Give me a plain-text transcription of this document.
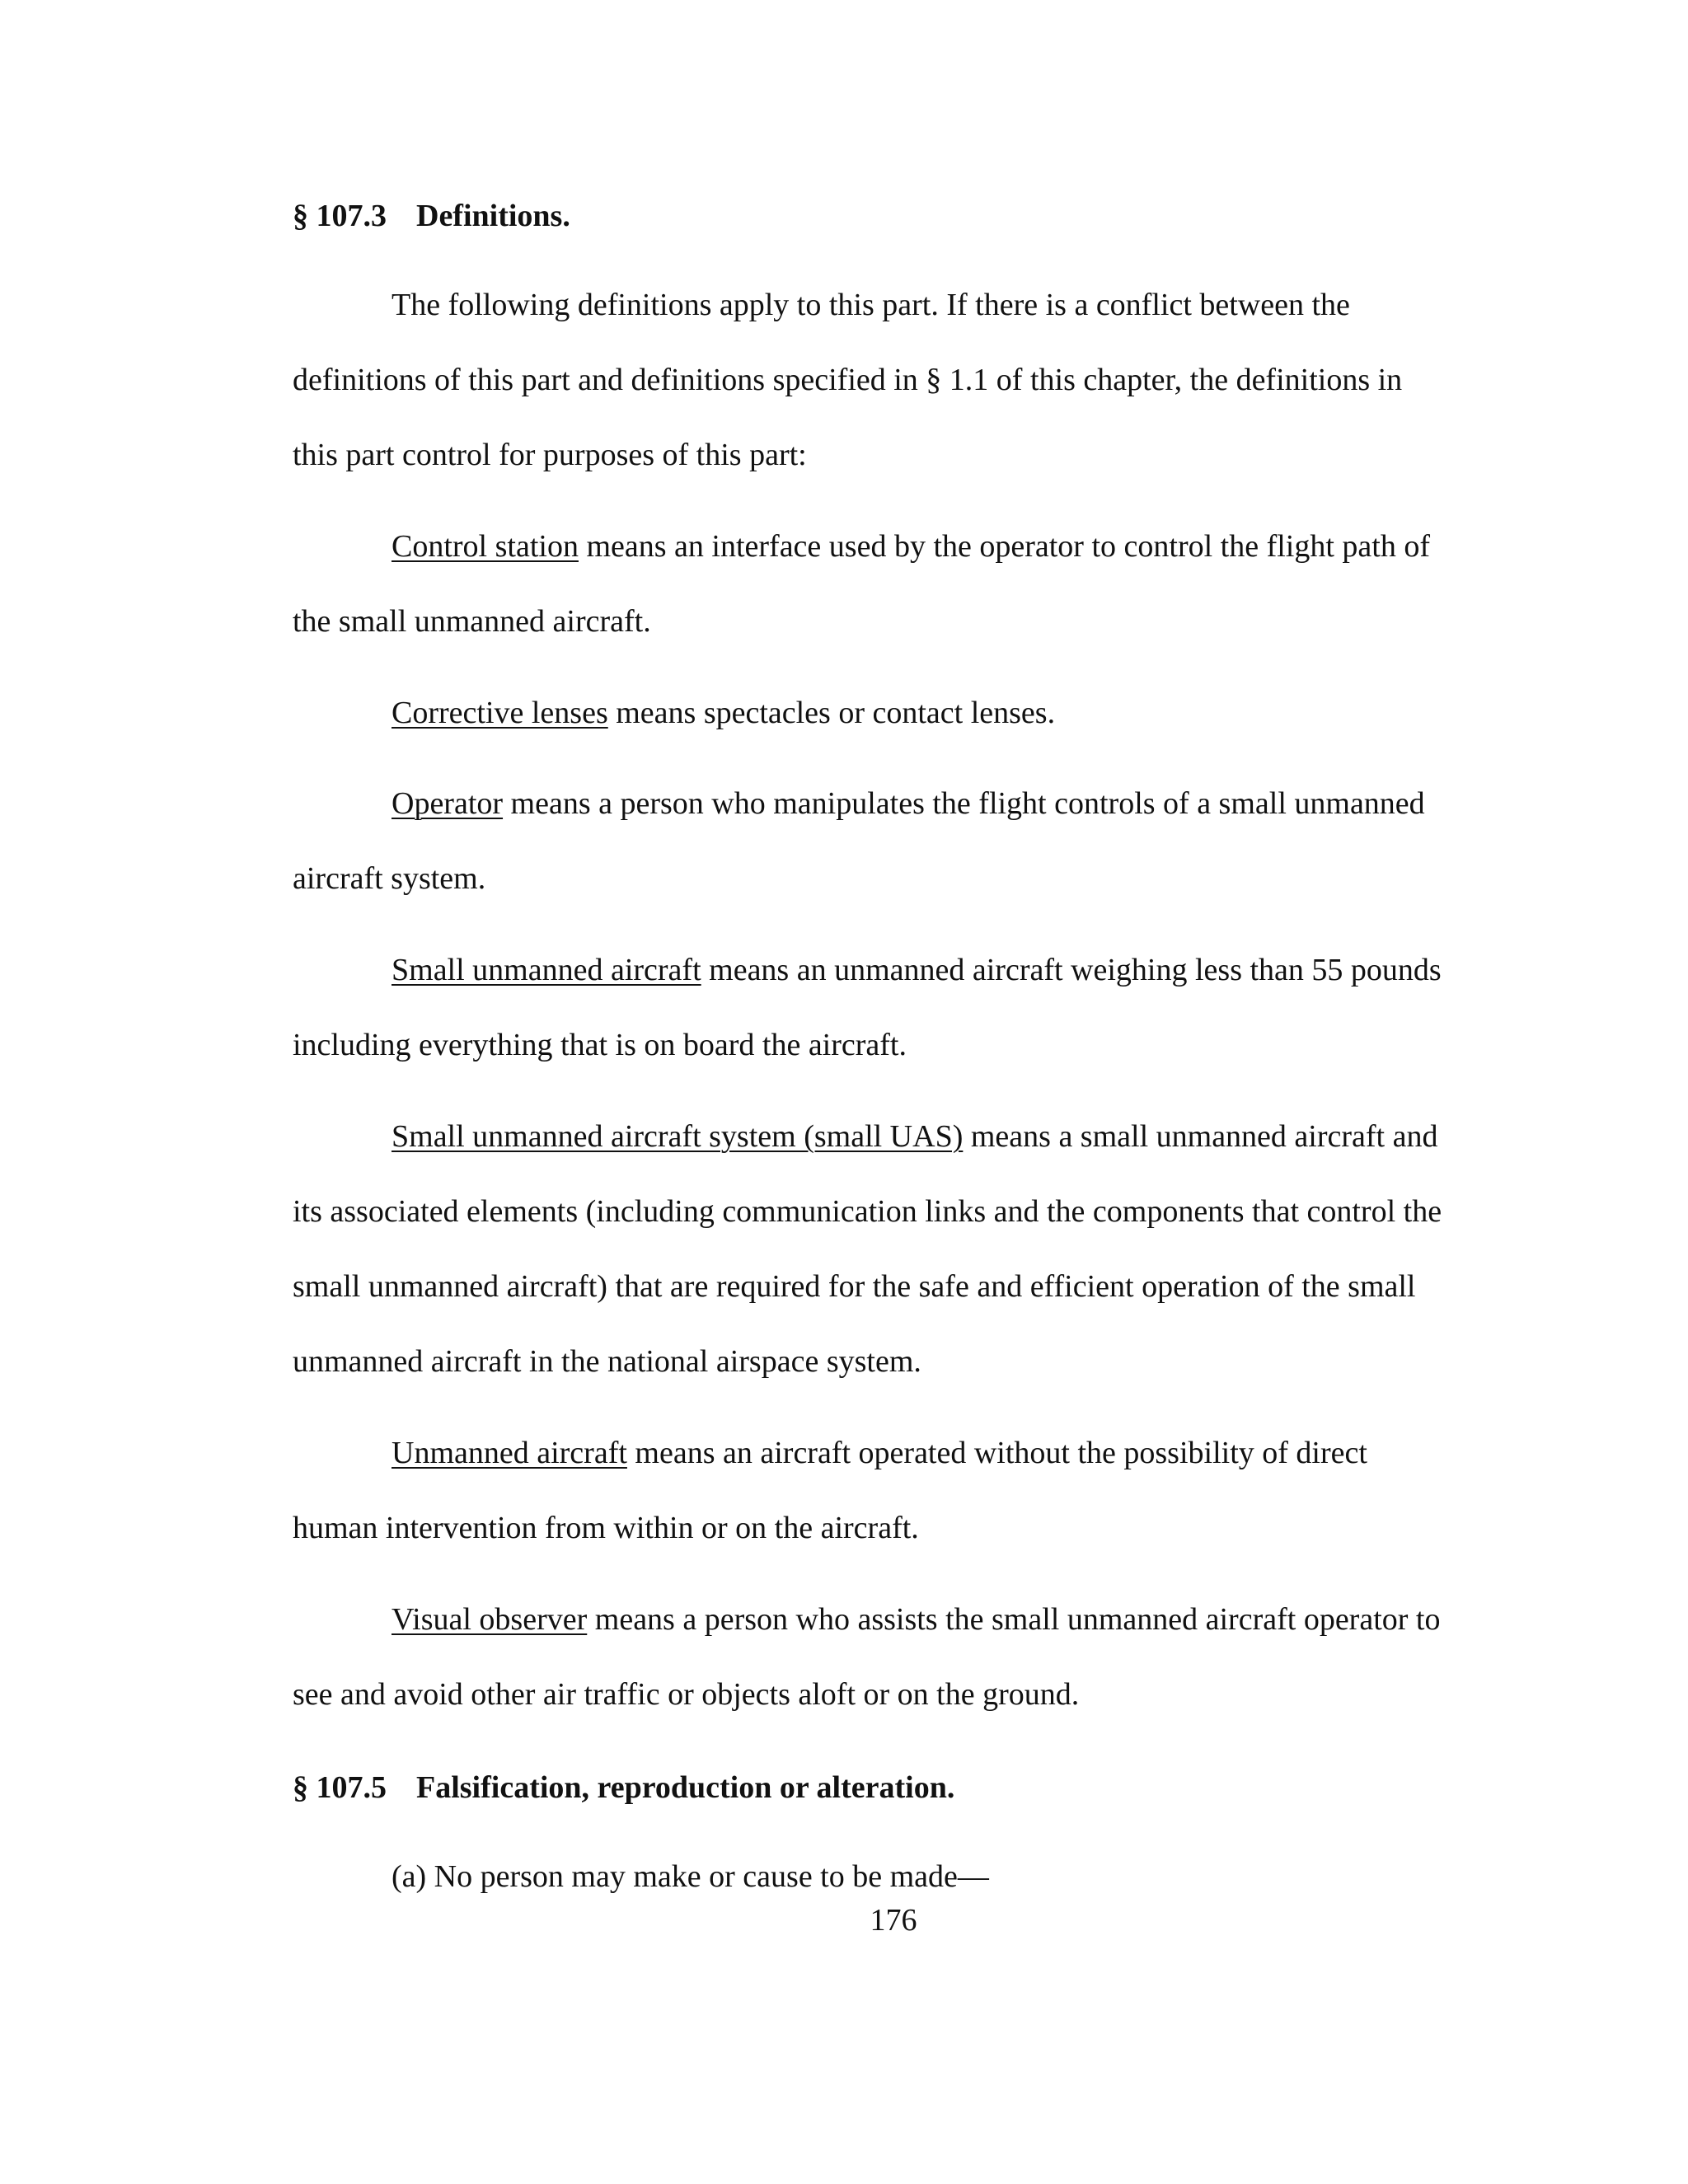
§ 107.3 Definitions.
The following definitions apply to this part. If there is a conflict between the
definitions of this part and definitions specified in § 1.1 of this chapter, the definitions in
this part control for purposes of this part:
Control station means an interface used by the operator to control the flight path of
the small unmanned aircraft.
Corrective lenses means spectacles or contact lenses.
Operator means a person who manipulates the flight controls of a small unmanned
aircraft system.
Small unmanned aircraft means an unmanned aircraft weighing less than 55 pounds
including everything that is on board the aircraft.
Small unmanned aircraft system (small UAS) means a small unmanned aircraft and
its associated elements (including communication links and the components that control the
small unmanned aircraft) that are required for the safe and efficient operation of the small
unmanned aircraft in the national airspace system.
Unmanned aircraft means an aircraft operated without the possibility of direct
human intervention from within or on the aircraft.
Visual observer means a person who assists the small unmanned aircraft operator to
see and avoid other air traffic or objects aloft or on the ground.
§ 107.5 Falsification, reproduction or alteration.
(a) No person may make or cause to be made—
176
